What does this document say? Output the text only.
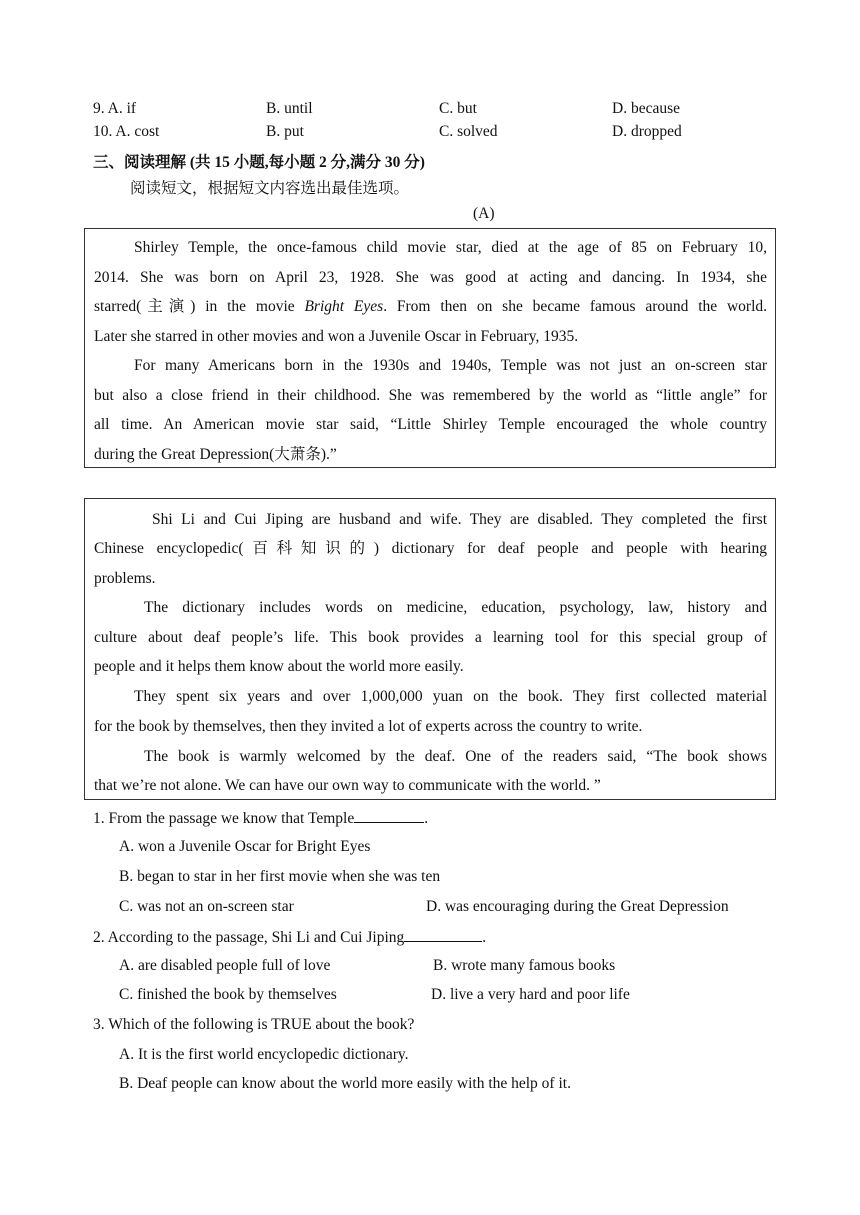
9. A. if	B. until	C. but	D. because
10. A. cost	B. put	C. solved	D. dropped
三、阅读理解 (共 15 小题,每小题 2 分,满分 30 分)
阅读短文，根据短文内容选出最佳选项。
(A)
Shirley Temple, the once-famous child movie star, died at the age of 85 on February 10,
2014. She was born on April 23, 1928. She was good at acting and dancing. In 1934, she
starred(主演) in the movie Bright Eyes. From then on she became famous around the world.
Later she starred in other movies and won a Juvenile Oscar in February, 1935.
For many Americans born in the 1930s and 1940s, Temple was not just an on-screen star
but also a close friend in their childhood. She was remembered by the world as “little angle” for
all time. An American movie star said, “Little Shirley Temple encouraged the whole country
during the Great Depression(大萧条).”
Shi Li and Cui Jiping are husband and wife. They are disabled. They completed the first
Chinese encyclopedic(百科知识的) dictionary for deaf people and people with hearing
problems.
The dictionary includes words on medicine, education, psychology, law, history and
culture about deaf people’s life. This book provides a learning tool for this special group of
people and it helps them know about the world more easily.
They spent six years and over 1,000,000 yuan on the book. They first collected material
for the book by themselves, then they invited a lot of experts across the country to write.
The book is warmly welcomed by the deaf. One of the readers said, “The book shows
that we’re not alone. We can have our own way to communicate with the world. ”
1. From the passage we know that Temple	.
A. won a Juvenile Oscar for Bright Eyes
B. began to star in her first movie when she was ten
C. was not an on-screen star	D. was encouraging during the Great Depression
2. According to the passage, Shi Li and Cui Jiping	.
A. are disabled people full of love	B. wrote many famous books
C. finished the book by themselves	D. live a very hard and poor life
3. Which of the following is TRUE about the book?
A. It is the first world encyclopedic dictionary.
B. Deaf people can know about the world more easily with the help of it.
